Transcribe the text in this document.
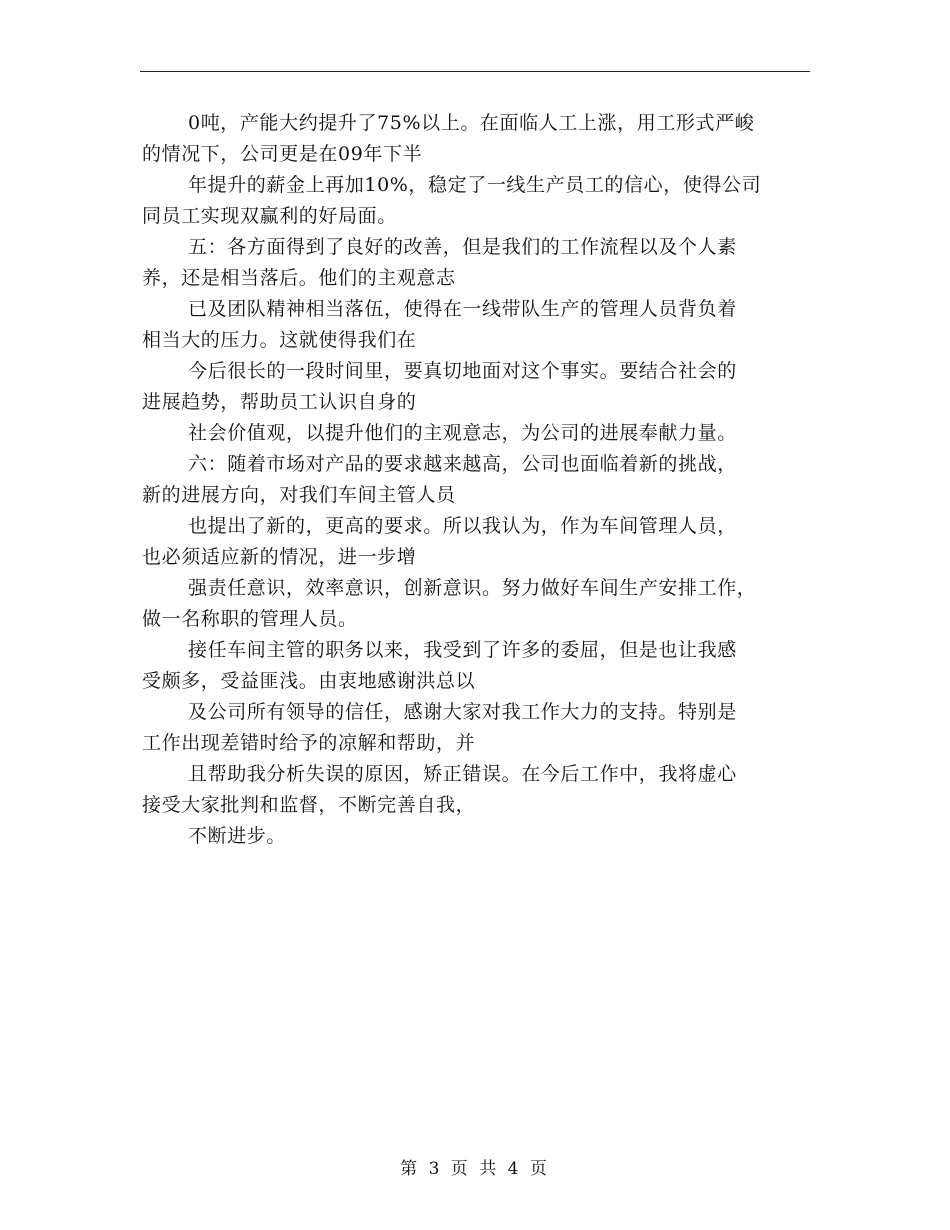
0吨，产能大约提升了75%以上。在面临人工上涨，用工形式严峻
的情况下，公司更是在09年下半

年提升的薪金上再加10%，稳定了一线生产员工的信心，使得公司
同员工实现双赢利的好局面。

五：各方面得到了良好的改善，但是我们的工作流程以及个人素
养，还是相当落后。他们的主观意志

已及团队精神相当落伍，使得在一线带队生产的管理人员背负着
相当大的压力。这就使得我们在

今后很长的一段时间里，要真切地面对这个事实。要结合社会的
进展趋势，帮助员工认识自身的

社会价值观，以提升他们的主观意志，为公司的进展奉献力量。

六：随着市场对产品的要求越来越高，公司也面临着新的挑战，
新的进展方向，对我们车间主管人员

也提出了新的，更高的要求。所以我认为，作为车间管理人员，
也必须适应新的情况，进一步增

强责任意识，效率意识，创新意识。努力做好车间生产安排工作，
做一名称职的管理人员。

接任车间主管的职务以来，我受到了许多的委屈，但是也让我感
受颇多，受益匪浅。由衷地感谢洪总以

及公司所有领导的信任，感谢大家对我工作大力的支持。特别是
工作出现差错时给予的凉解和帮助，并

且帮助我分析失误的原因，矫正错误。在今后工作中，我将虚心
接受大家批判和监督，不断完善自我，

不断进步。

第 3 页 共 4 页
